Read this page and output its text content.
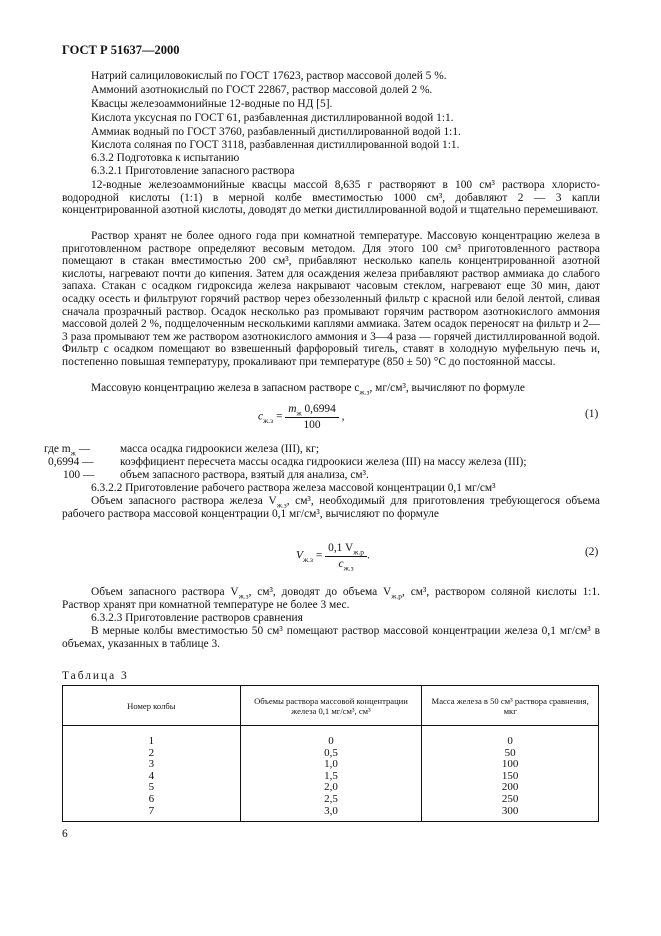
ГОСТ Р 51637—2000
Натрий салициловокислый по ГОСТ 17623, раствор массовой долей 5 %.
Аммоний азотнокислый по ГОСТ 22867, раствор массовой долей 2 %.
Квасцы железоаммонийные 12-водные по НД [5].
Кислота уксусная по ГОСТ 61, разбавленная дистиллированной водой 1:1.
Аммиак водный по ГОСТ 3760, разбавленный дистиллированной водой 1:1.
Кислота соляная по ГОСТ 3118, разбавленная дистиллированной водой 1:1.
6.3.2 Подготовка к испытанию
6.3.2.1 Приготовление запасного раствора
12-водные железоаммонийные квасцы массой 8,635 г растворяют в 100 см³ раствора хлористоводородной кислоты (1:1) в мерной колбе вместимостью 1000 см³, добавляют 2 — 3 капли концентрированной азотной кислоты, доводят до метки дистиллированной водой и тщательно перемешивают.
Раствор хранят не более одного года при комнатной температуре. Массовую концентрацию железа в приготовленном растворе определяют весовым методом. Для этого 100 см³ приготовленного раствора помещают в стакан вместимостью 200 см³, прибавляют несколько капель концентрированной азотной кислоты, нагревают почти до кипения. Затем для осаждения железа прибавляют раствор аммиака до слабого запаха. Стакан с осадком гидроксида железа накрывают часовым стеклом, нагревают еще 30 мин, дают осадку осесть и фильтруют горячий раствор через обеззоленный фильтр с красной или белой лентой, сливая сначала прозрачный раствор. Осадок несколько раз промывают горячим раствором азотнокислого аммония массовой долей 2 %, подщелоченным несколькими каплями аммиака. Затем осадок переносят на фильтр и 2—3 раза промывают тем же раствором азотнокислого аммония и 3—4 раза — горячей дистиллированной водой. Фильтр с осадком помещают во взвешенный фарфоровый тигель, ставят в холодную муфельную печь и, постепенно повышая температуру, прокаливают при температуре (850 ± 50) °С до постоянной массы.
Массовую концентрацию железа в запасном растворе $c_{ж.з}$, мг/см³, вычисляют по формуле
$c_{ж.з} = \frac{m_ж 0,6994}{100}$ ,	(1)
где $m_ж$ —	масса осадка гидроокиси железа (III), кг;
0,6994 —	коэффициент пересчета массы осадка гидроокиси железа (III) на массу железа (III);
100 —	объем запасного раствора, взятый для анализа, см³.
6.3.2.2 Приготовление рабочего раствора железа массовой концентрации 0,1 мг/см³
Объем запасного раствора железа $V_{ж.з}$, см³, необходимый для приготовления требующегося объема рабочего раствора массовой концентрации 0,1 мг/см³, вычисляют по формуле
$V_{ж.з} = \frac{0,1 V_{ж.р}}{c_{ж.з}}$ .	(2)
Объем запасного раствора $V_{ж.з}$, см³, доводят до объема $V_{ж.р}$, см³, раствором соляной кислоты 1:1. Раствор хранят при комнатной температуре не более 3 мес.
6.3.2.3 Приготовление растворов сравнения
В мерные колбы вместимостью 50 см³ помещают раствор массовой концентрации железа 0,1 мг/см³ в объемах, указанных в таблице 3.
Таблица 3
Номер колбы	Объемы раствора массовой концентрации железа 0,1 мг/см³, см³	Масса железа в 50 см³ раствора сравнения, мкг
1	0	0
2	0,5	50
3	1,0	100
4	1,5	150
5	2,0	200
6	2,5	250
7	3,0	300
6
